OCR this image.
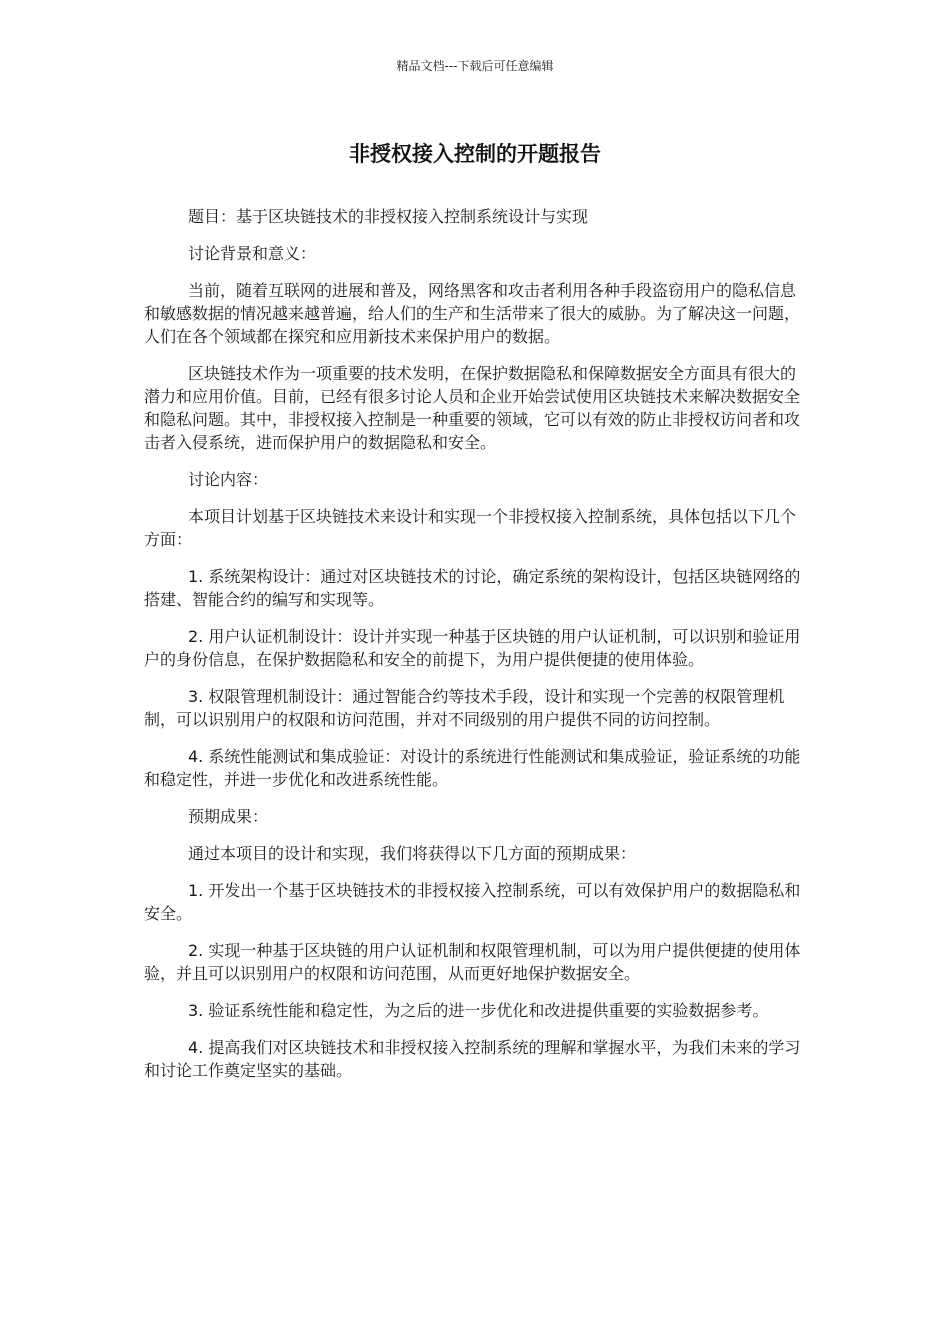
精品文档---下载后可任意编辑
非授权接入控制的开题报告

题目：基于区块链技术的非授权接入控制系统设计与实现

讨论背景和意义：

当前，随着互联网的进展和普及，网络黑客和攻击者利用各种手段盗窃用户的隐私信息和敏感数据的情况越来越普遍，给人们的生产和生活带来了很大的威胁。为了解决这一问题，人们在各个领域都在探究和应用新技术来保护用户的数据。

区块链技术作为一项重要的技术发明，在保护数据隐私和保障数据安全方面具有很大的潜力和应用价值。目前，已经有很多讨论人员和企业开始尝试使用区块链技术来解决数据安全和隐私问题。其中，非授权接入控制是一种重要的领域，它可以有效的防止非授权访问者和攻击者入侵系统，进而保护用户的数据隐私和安全。

讨论内容：

本项目计划基于区块链技术来设计和实现一个非授权接入控制系统，具体包括以下几个方面：

1. 系统架构设计：通过对区块链技术的讨论，确定系统的架构设计，包括区块链网络的搭建、智能合约的编写和实现等。

2. 用户认证机制设计：设计并实现一种基于区块链的用户认证机制，可以识别和验证用户的身份信息，在保护数据隐私和安全的前提下，为用户提供便捷的使用体验。

3. 权限管理机制设计：通过智能合约等技术手段，设计和实现一个完善的权限管理机制，可以识别用户的权限和访问范围，并对不同级别的用户提供不同的访问控制。

4. 系统性能测试和集成验证：对设计的系统进行性能测试和集成验证，验证系统的功能和稳定性，并进一步优化和改进系统性能。

预期成果：

通过本项目的设计和实现，我们将获得以下几方面的预期成果：

1. 开发出一个基于区块链技术的非授权接入控制系统，可以有效保护用户的数据隐私和安全。

2. 实现一种基于区块链的用户认证机制和权限管理机制，可以为用户提供便捷的使用体验，并且可以识别用户的权限和访问范围，从而更好地保护数据安全。

3. 验证系统性能和稳定性，为之后的进一步优化和改进提供重要的实验数据参考。

4. 提高我们对区块链技术和非授权接入控制系统的理解和掌握水平，为我们未来的学习和讨论工作奠定坚实的基础。
